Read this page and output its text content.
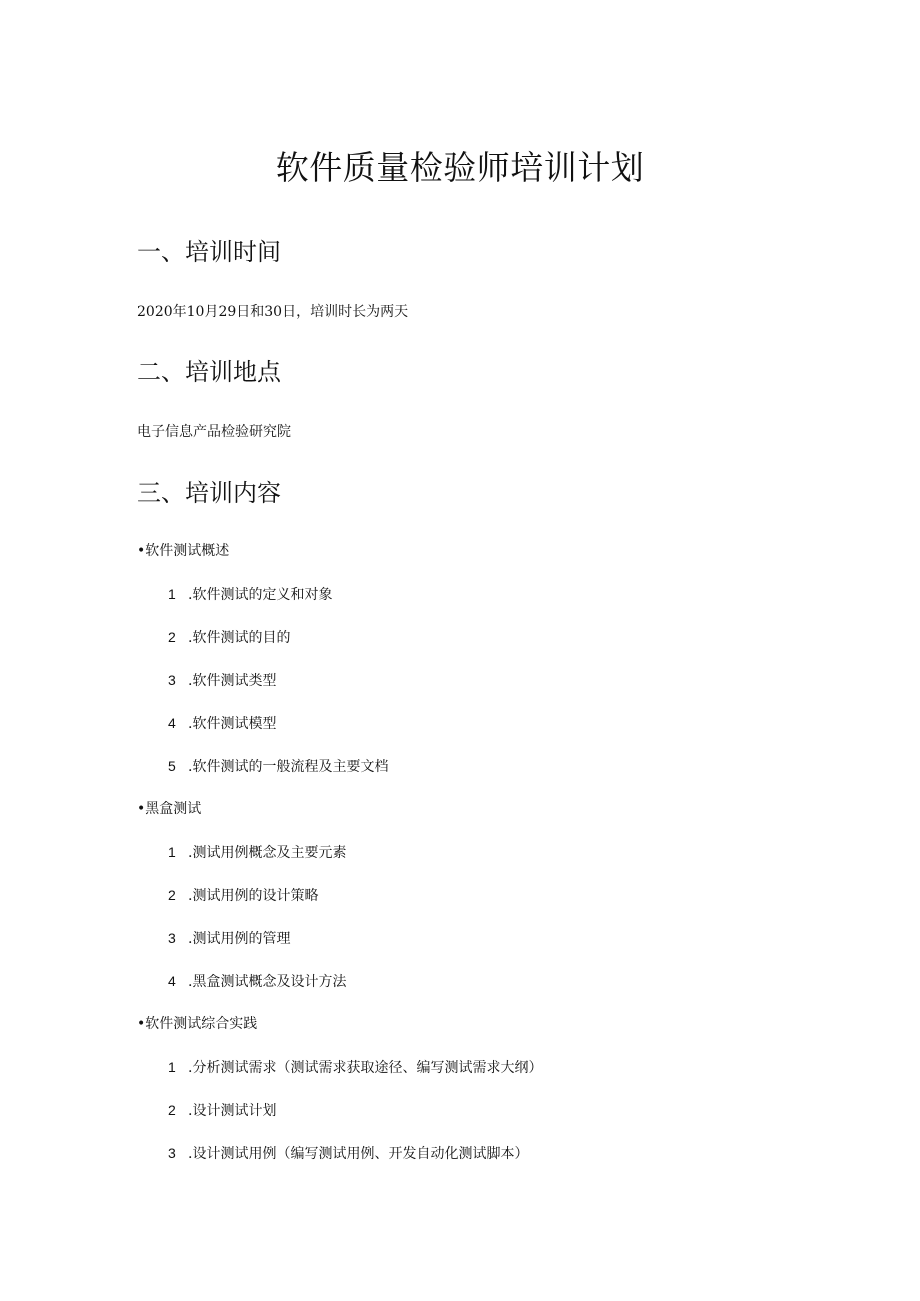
软件质量检验师培训计划
一、培训时间
2020年10月29日和30日，培训时长为两天
二、培训地点
电子信息产品检验研究院
三、培训内容
•软件测试概述
1 .软件测试的定义和对象
2 .软件测试的目的
3 .软件测试类型
4 .软件测试模型
5 .软件测试的一般流程及主要文档
•黑盒测试
1 .测试用例概念及主要元素
2 .测试用例的设计策略
3 .测试用例的管理
4 .黑盒测试概念及设计方法
•软件测试综合实践
1 .分析测试需求（测试需求获取途径、编写测试需求大纲）
2 .设计测试计划
3 .设计测试用例（编写测试用例、开发自动化测试脚本）
